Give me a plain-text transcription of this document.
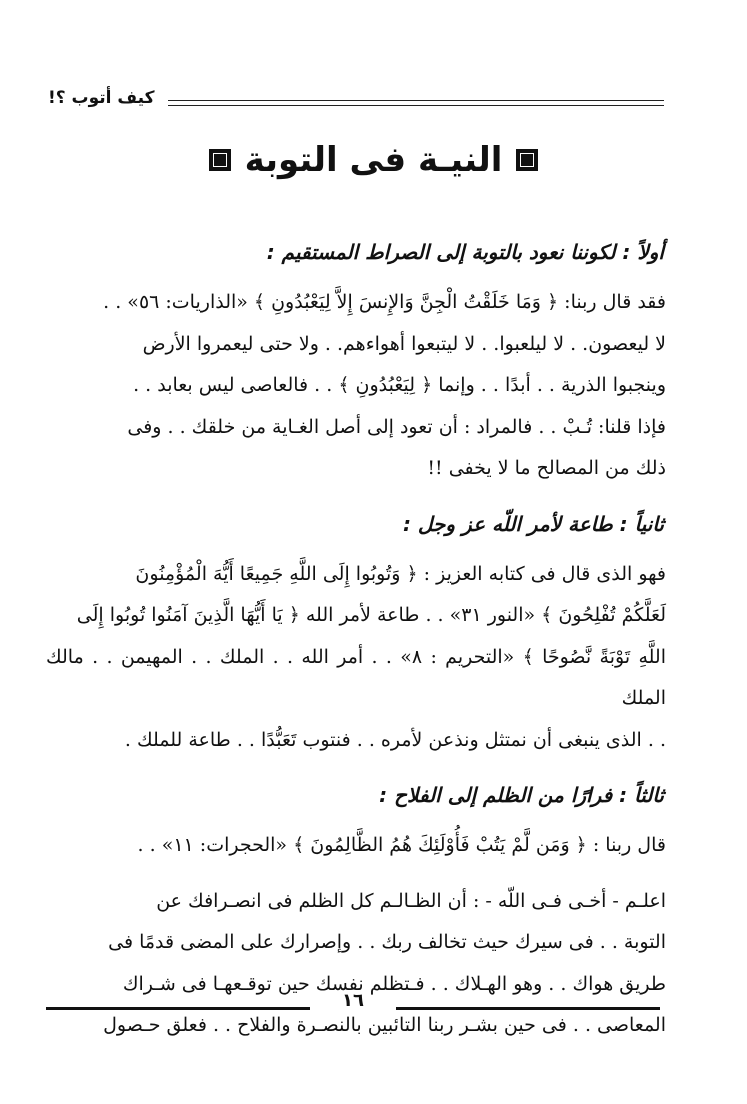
كيف أتوب ؟!
النيـة فى التوبة
أولاً : لكوننا نعود بالتوبة إلى الصراط المستقيم :
فقد قال ربنا: ﴿ وَمَا خَلَقْتُ الْجِنَّ وَالإِنسَ إِلاَّ لِيَعْبُدُونِ ﴾ «الذاريات: ٥٦» . .
لا ليعصون. . لا ليلعبوا. . لا ليتبعوا أهواءهم. . ولا حتى ليعمروا الأرض
وينجبوا الذرية . . أبدًا . . وإنما ﴿ لِيَعْبُدُونِ ﴾ . . فالعاصى ليس بعابد . .
فإذا قلنا: تُـبْ . . فالمراد : أن تعود إلى أصل الغـاية من خلقك . . وفى
ذلك من المصالح ما لا يخفى !!
ثانياً : طاعة لأمر اللّه عز وجل :
فهو الذى قال فى كتابه العزيز : ﴿ وَتُوبُوا إِلَى اللَّهِ جَمِيعًا أَيُّهَ الْمُؤْمِنُونَ
لَعَلَّكُمْ تُفْلِحُونَ ﴾ «النور ٣١» . . طاعة لأمر الله ﴿ يَا أَيُّهَا الَّذِينَ آمَنُوا تُوبُوا إِلَى
اللَّهِ تَوْبَةً نَّصُوحًا ﴾ «التحريم : ٨» . . أمر الله . . الملك . . المهيمن . . مالك الملك
. . الذى ينبغى أن نمتثل ونذعن لأمره . . فنتوب تَعَبُّدًا . . طاعة للملك .
ثالثاً : فرارًا من الظلم إلى الفلاح :
قال ربنا : ﴿ وَمَن لَّمْ يَتُبْ فَأُوْلَئِكَ هُمُ الظَّالِمُونَ ﴾ «الحجرات: ١١» . .
اعلـم - أخـى فـى اللّه - : أن الظـالـم كل الظلم فى انصـرافك عن
التوبة . . فى سيرك حيث تخالف ربك . . وإصرارك على المضى قدمًا فى
طريق هواك . . وهو الهـلاك . . فـتظلم نفسك حين توقـعهـا فى شـراك
المعاصى . . فى حين بشـر ربنا التائبين بالنصـرة والفلاح . . فعلق حـصول
١٦
